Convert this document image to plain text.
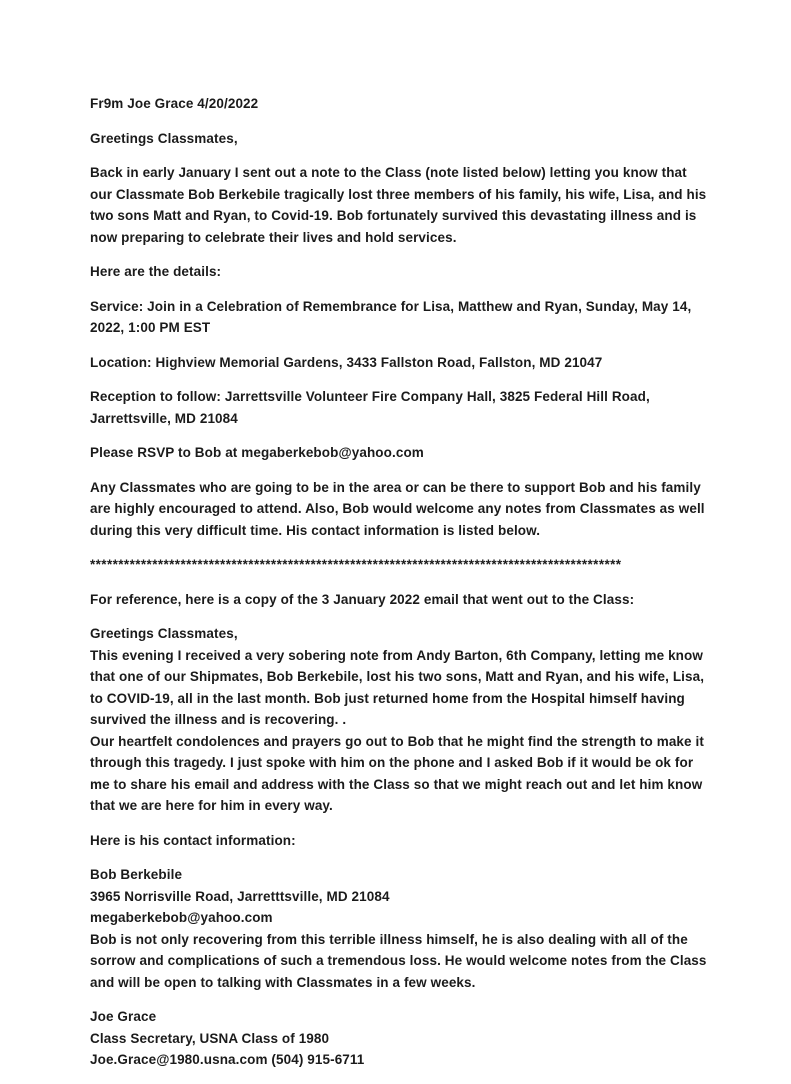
Fr9m Joe Grace 4/20/2022

Greetings Classmates,

Back in early January I sent out a note to the Class (note listed below) letting you know that our Classmate Bob Berkebile tragically lost three members of his family, his wife, Lisa, and his two sons Matt and Ryan, to Covid-19. Bob fortunately survived this devastating illness and is now preparing to celebrate their lives and hold services.

Here are the details:

Service: Join in a Celebration of Remembrance for Lisa, Matthew and Ryan, Sunday, May 14, 2022, 1:00 PM EST

Location: Highview Memorial Gardens, 3433 Fallston Road, Fallston, MD 21047

Reception to follow: Jarrettsville Volunteer Fire Company Hall, 3825 Federal Hill Road, Jarrettsville, MD 21084

Please RSVP to Bob at megaberkebob@yahoo.com

Any Classmates who are going to be in the area or can be there to support Bob and his family are highly encouraged to attend. Also, Bob would welcome any notes from Classmates as well during this very difficult time. His contact information is listed below.

**********************************************************************************************

For reference, here is a copy of the 3 January 2022 email that went out to the Class:

Greetings Classmates,
This evening I received a very sobering note from Andy Barton, 6th Company, letting me know that one of our Shipmates, Bob Berkebile, lost his two sons, Matt and Ryan, and his wife, Lisa, to COVID-19, all in the last month. Bob just returned home from the Hospital himself having survived the illness and is recovering. .
Our heartfelt condolences and prayers go out to Bob that he might find the strength to make it through this tragedy. I just spoke with him on the phone and I asked Bob if it would be ok for me to share his email and address with the Class so that we might reach out and let him know that we are here for him in every way.

Here is his contact information:

Bob Berkebile
3965 Norrisville Road, Jarretttsville, MD 21084
megaberkebob@yahoo.com
Bob is not only recovering from this terrible illness himself, he is also dealing with all of the sorrow and complications of such a tremendous loss. He would welcome notes from the Class and will be open to talking with Classmates in a few weeks.
Joe Grace
Class Secretary, USNA Class of 1980
Joe.Grace@1980.usna.com (504) 915-6711
